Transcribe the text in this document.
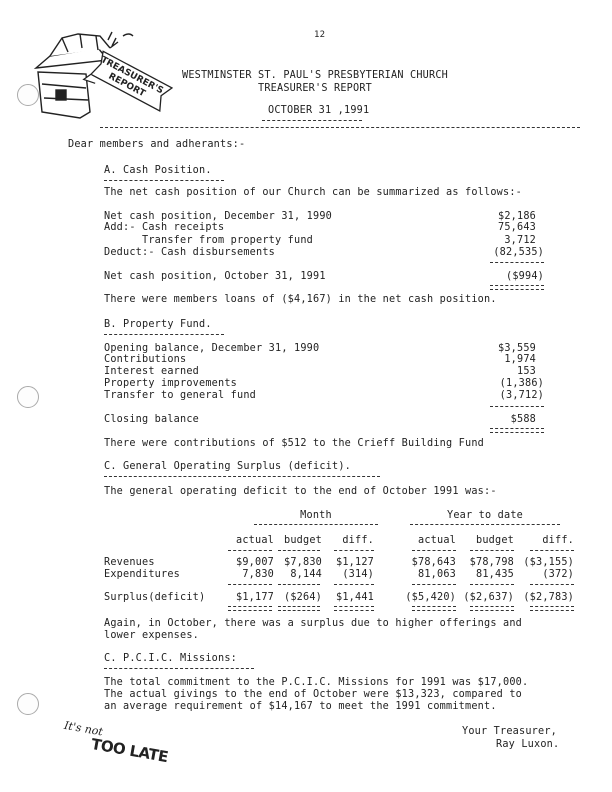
12
TREASURER'S REPORT	WESTMINSTER ST. PAUL'S PRESBYTERIAN CHURCH
TREASURER'S REPORT
OCTOBER 31 ,1991
Dear members and adherants:-
A. Cash Position.
The net cash position of our Church can be summarized as follows:-
Net cash position, December 31, 1990	$2,186
Add:- Cash receipts	75,643
Transfer from property fund	3,712
Deduct:- Cash disbursements	(82,535)
Net cash position, October 31, 1991	($994)
There were members loans of ($4,167) in the net cash position.
B. Property Fund.
Opening balance, December 31, 1990	$3,559
Contributions	1,974
Interest earned	153
Property improvements	(1,386)
Transfer to general fund	(3,712)
Closing balance	$588
There were contributions of $512 to the Crieff Building Fund
C. General Operating Surplus (deficit).
The general operating deficit to the end of October 1991 was:-
Month	Year to date
actual budget	diff.	actual	budget	diff.
Revenues	$9,007 $7,830	$1,127	$78,643	$78,798 ($3,155)
Expenditures	7,830	8,144	(314)	81,063	81,435	(372)
Surplus(deficit)	$1,177 ($264)	$1,441	($5,420) ($2,637) ($2,783)
Again, in October, there was a surplus due to higher offerings and
lower expenses.
C. P.C.I.C. Missions:
The total commitment to the P.C.I.C. Missions for 1991 was $17,000.
The actual givings to the end of October were $13,323, compared to
an average requirement of $14,167 to meet the 1991 commitment.
Your Treasurer,
Ray Luxon.
It's not
TOO LATE
